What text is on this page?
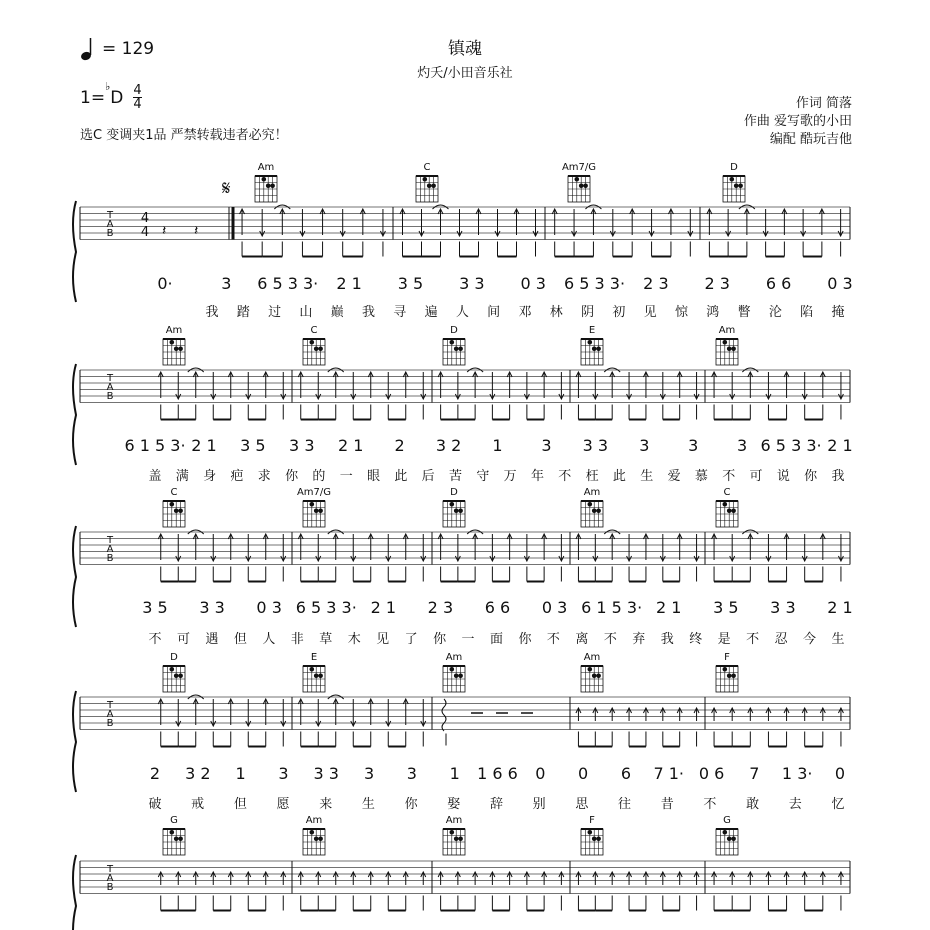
镇魂
灼夭/小田音乐社
= 129
1=
♭
D 4
4
选C 变调夹1品 严禁转载违者必究！
作词 简落
作曲 爱写歌的小田
编配 酷玩吉他
𝄋
𝄽 𝄽
T
A
B
4
4
Am	C	Am7/G	D
0·	3 6 5 3 3· 2 1 3 5 3 3 0 3 6 5 3 3· 2 3 2 3 6 6 0 3
我 踏 过 山 巅 我 寻 遍 人 间 邓 林 阴 初 见 惊 鸿 瞥 沦 陷 掩
T
A
B
Am	C	D	E	Am
6 1 5 3· 2 1 3 5 3 3 2 1 2 3 2 1 3 3 3 3 3 3 6 5 3 3· 2 1
盖 满 身 疤 求 你 的 一 眼 此 后 苦 守 万 年 不 枉 此 生 爱 慕 不 可 说 你 我
T
A
B
C	Am7/G	D	Am	C
3 5 3 3 0 3 6 5 3 3· 2 1 2 3 6 6 0 3 6 1 5 3· 2 1 3 5 3 3 2 1
不 可 遇 但 人 非 草 木 见 了 你 一 面 你 不 离 不 弃 我 终 是 不 忍 今 生
T
A
B
D	E	Am	Am	F
2 3 2 1 3 3 3 3 3 1 1 6 6 0 0 6 7 1· 0 6 7 1 3· 0
破 戒 但 愿 来 生 你 娶 辞 别 思 往 昔 不 敢 去 忆
T
A
B
G	Am	Am	F	G
